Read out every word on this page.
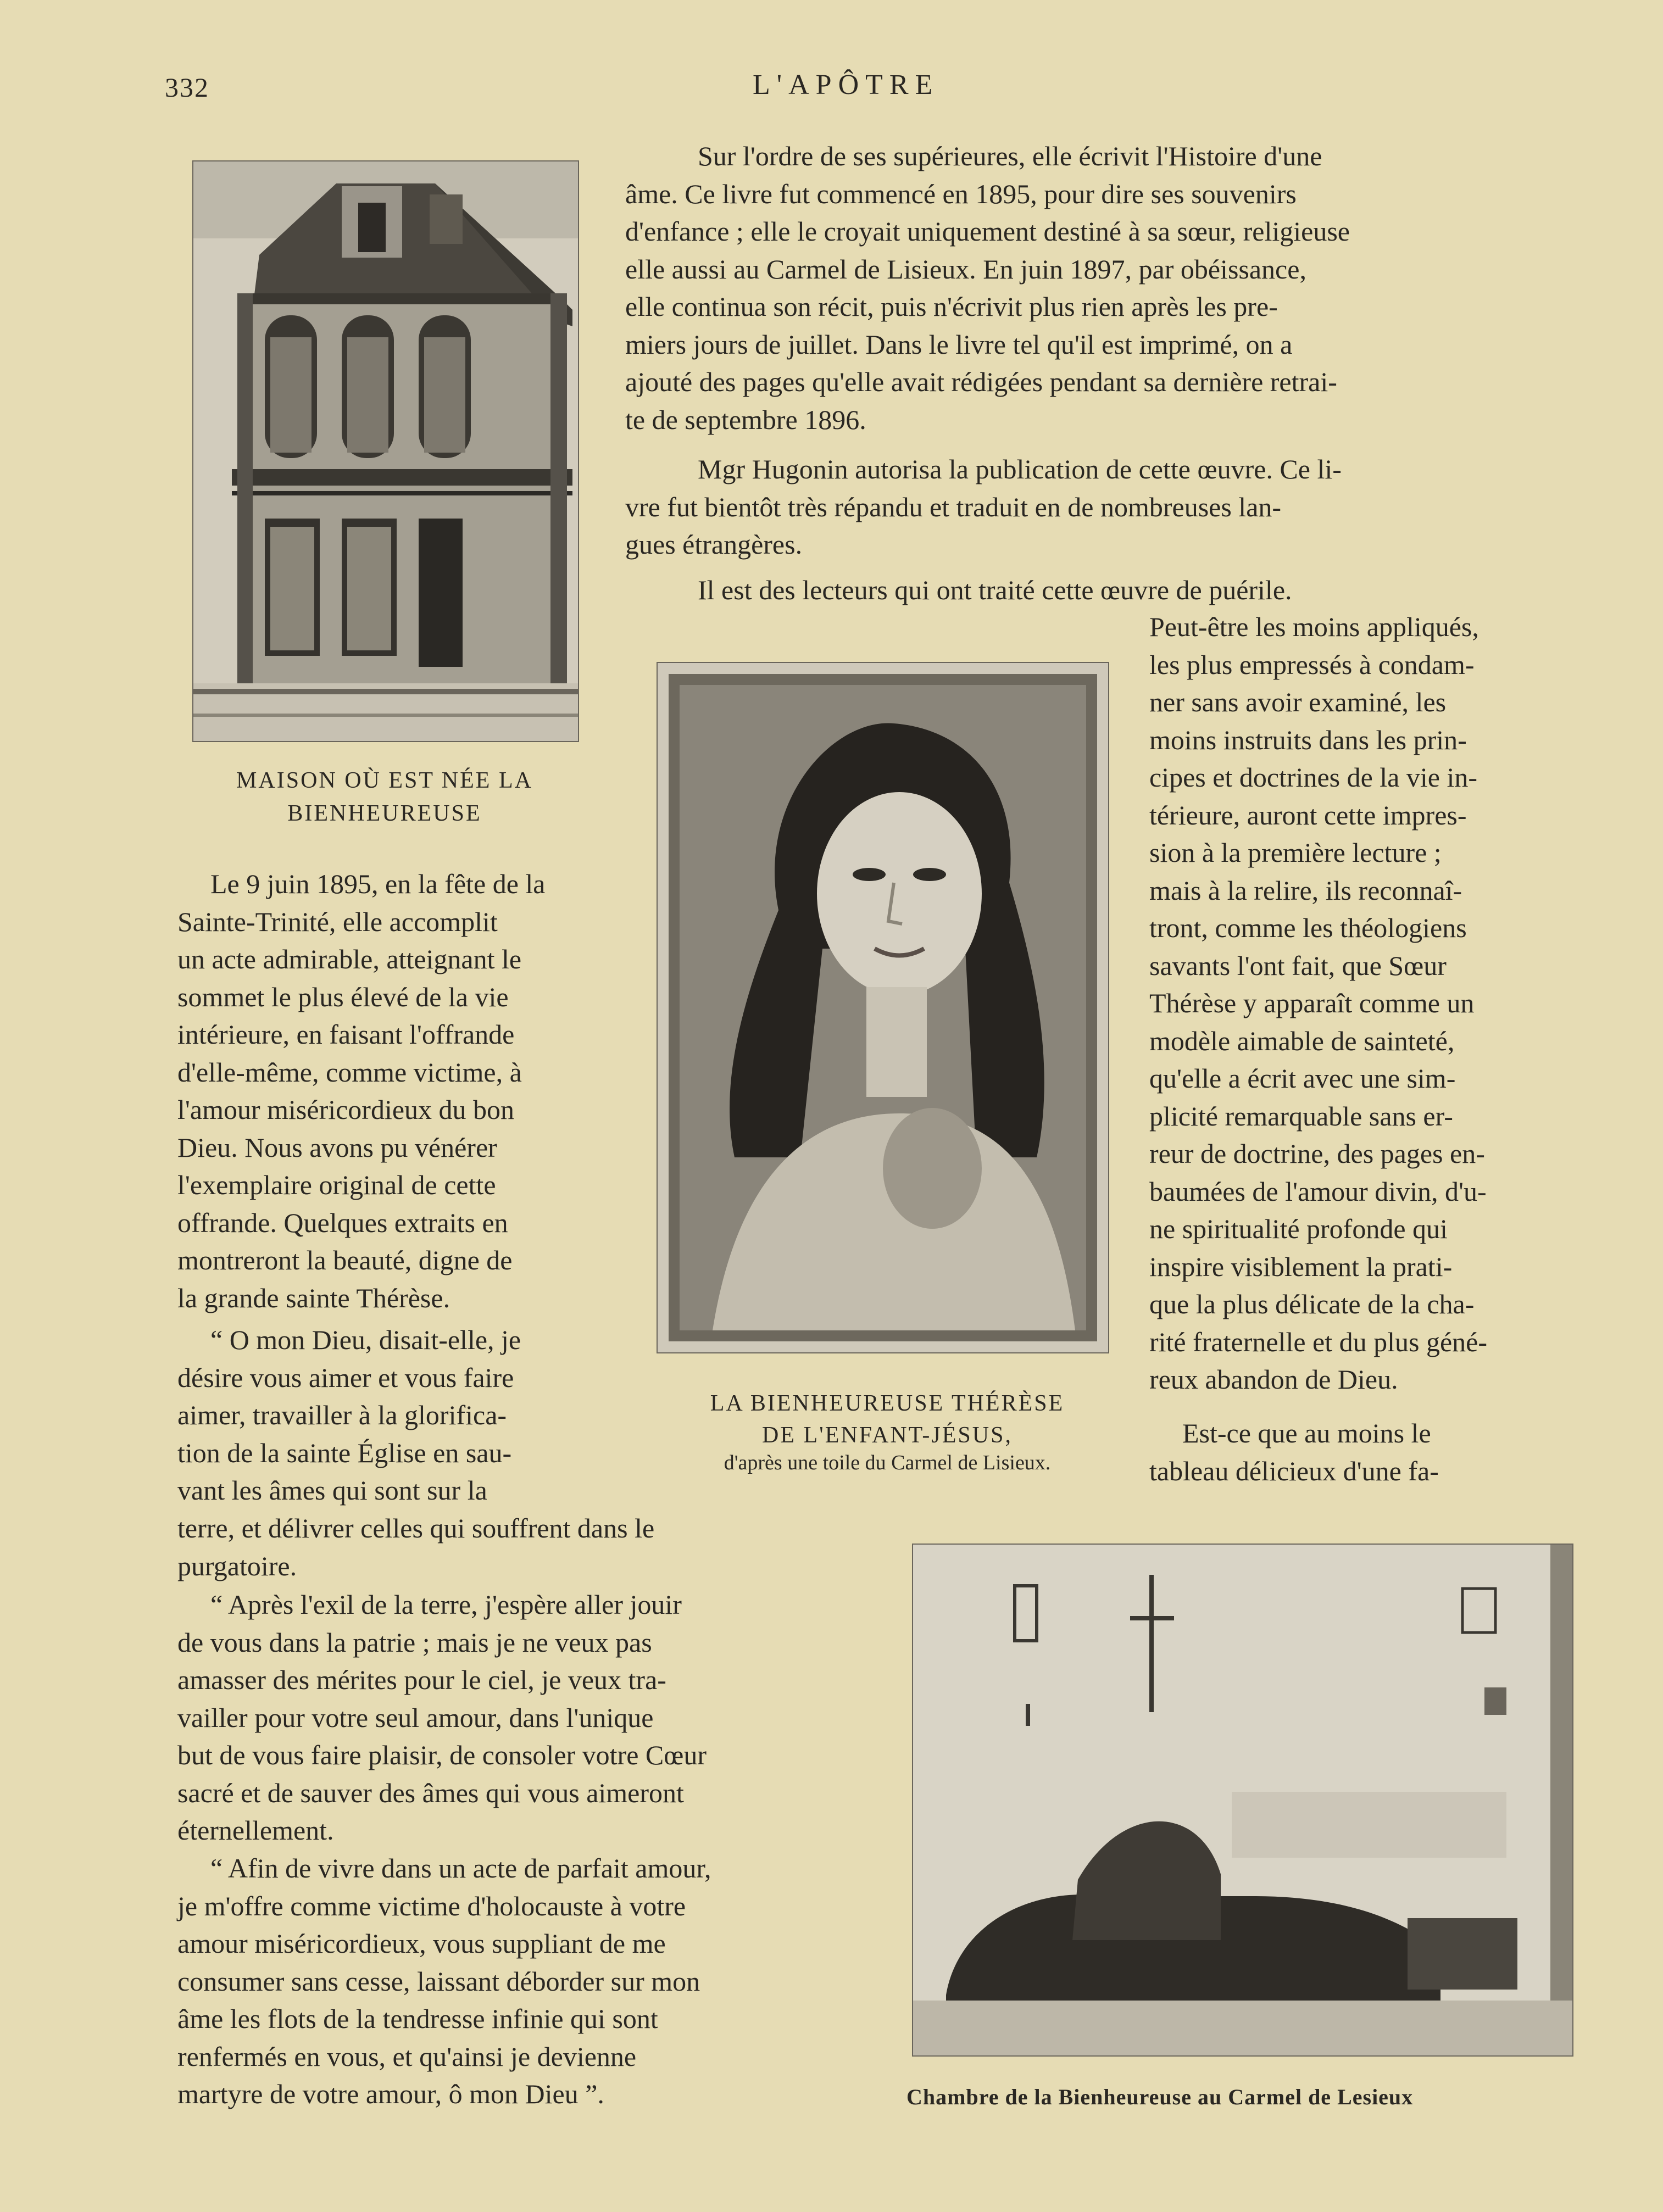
332	L'APÔTRE
MAISON OÙ EST NÉE LA
BIENHEUREUSE
Sur l'ordre de ses supérieures, elle écrivit l'Histoire d'une
âme. Ce livre fut commencé en 1895, pour dire ses souvenirs
d'enfance ; elle le croyait uniquement destiné à sa sœur, religieuse
elle aussi au Carmel de Lisieux. En juin 1897, par obéissance,
elle continua son récit, puis n'écrivit plus rien après les pre-
miers jours de juillet. Dans le livre tel qu'il est imprimé, on a
ajouté des pages qu'elle avait rédigées pendant sa dernière retrai-
te de septembre 1896.
Mgr Hugonin autorisa la publication de cette œuvre. Ce li-
vre fut bientôt très répandu et traduit en de nombreuses lan-
gues étrangères.
Il est des lecteurs qui ont traité cette œuvre de puérile.
LA BIENHEUREUSE THÉRÈSE
DE L'ENFANT-JÉSUS,
d'après une toile du Carmel de Lisieux.
Peut-être les moins appliqués,
les plus empressés à condam-
ner sans avoir examiné, les
moins instruits dans les prin-
cipes et doctrines de la vie in-
térieure, auront cette impres-
sion à la première lecture ;
mais à la relire, ils reconnaî-
tront, comme les théologiens
savants l'ont fait, que Sœur
Thérèse y apparaît comme un
modèle aimable de sainteté,
qu'elle a écrit avec une sim-
plicité remarquable sans er-
reur de doctrine, des pages en-
baumées de l'amour divin, d'u-
ne spiritualité profonde qui
inspire visiblement la prati-
que la plus délicate de la cha-
rité fraternelle et du plus géné-
reux abandon de Dieu.
Est-ce que au moins le
tableau délicieux d'une fa-
Le 9 juin 1895, en la fête de la
Sainte-Trinité, elle accomplit
un acte admirable, atteignant le
sommet le plus élevé de la vie
intérieure, en faisant l'offrande
d'elle-même, comme victime, à
l'amour miséricordieux du bon
Dieu. Nous avons pu vénérer
l'exemplaire original de cette
offrande. Quelques extraits en
montreront la beauté, digne de
la grande sainte Thérèse.
“ O mon Dieu, disait-elle, je
désire vous aimer et vous faire
aimer, travailler à la glorifica-
tion de la sainte Église en sau-
vant les âmes qui sont sur la
terre, et délivrer celles qui souffrent dans le
purgatoire.
“ Après l'exil de la terre, j'espère aller jouir
de vous dans la patrie ; mais je ne veux pas
amasser des mérites pour le ciel, je veux tra-
vailler pour votre seul amour, dans l'unique
but de vous faire plaisir, de consoler votre Cœur
sacré et de sauver des âmes qui vous aimeront
éternellement.
“ Afin de vivre dans un acte de parfait amour,
je m'offre comme victime d'holocauste à votre
amour miséricordieux, vous suppliant de me
consumer sans cesse, laissant déborder sur mon
âme les flots de la tendresse infinie qui sont
renfermés en vous, et qu'ainsi je devienne
martyre de votre amour, ô mon Dieu ”.	Chambre de la Bienheureuse au Carmel de Lesieux
